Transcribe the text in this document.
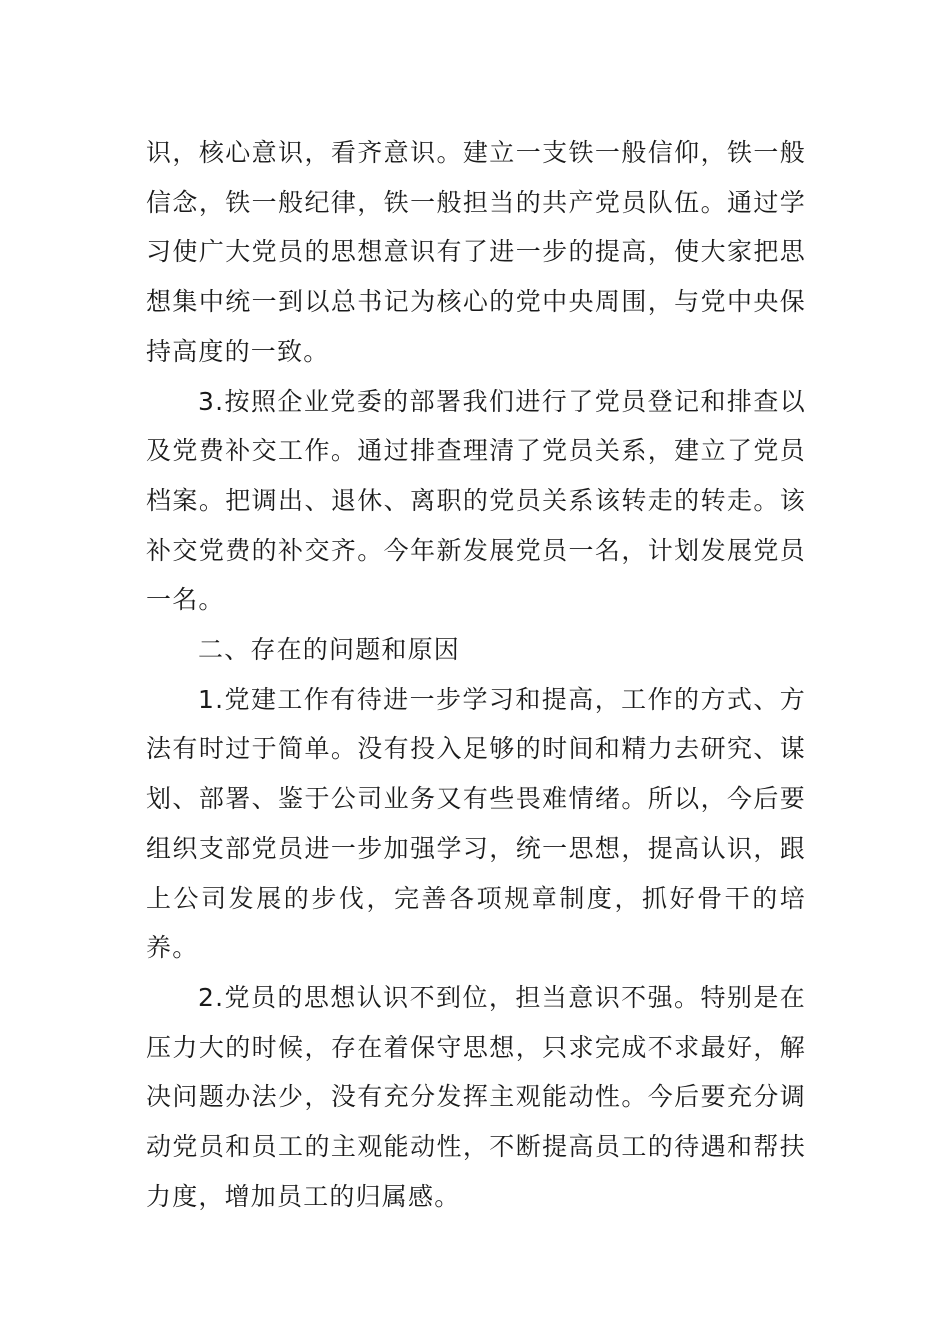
识，核心意识，看齐意识。建立一支铁一般信仰，铁一般信念，铁一般纪律，铁一般担当的共产党员队伍。通过学习使广大党员的思想意识有了进一步的提高，使大家把思想集中统一到以总书记为核心的党中央周围，与党中央保持高度的一致。

3.按照企业党委的部署我们进行了党员登记和排查以及党费补交工作。通过排查理清了党员关系，建立了党员档案。把调出、退休、离职的党员关系该转走的转走。该补交党费的补交齐。今年新发展党员一名，计划发展党员一名。

二、存在的问题和原因

1.党建工作有待进一步学习和提高，工作的方式、方法有时过于简单。没有投入足够的时间和精力去研究、谋划、部署、鉴于公司业务又有些畏难情绪。所以，今后要组织支部党员进一步加强学习，统一思想，提高认识，跟上公司发展的步伐，完善各项规章制度，抓好骨干的培养。

2.党员的思想认识不到位，担当意识不强。特别是在压力大的时候，存在着保守思想，只求完成不求最好，解决问题办法少，没有充分发挥主观能动性。今后要充分调动党员和员工的主观能动性，不断提高员工的待遇和帮扶力度，增加员工的归属感。
